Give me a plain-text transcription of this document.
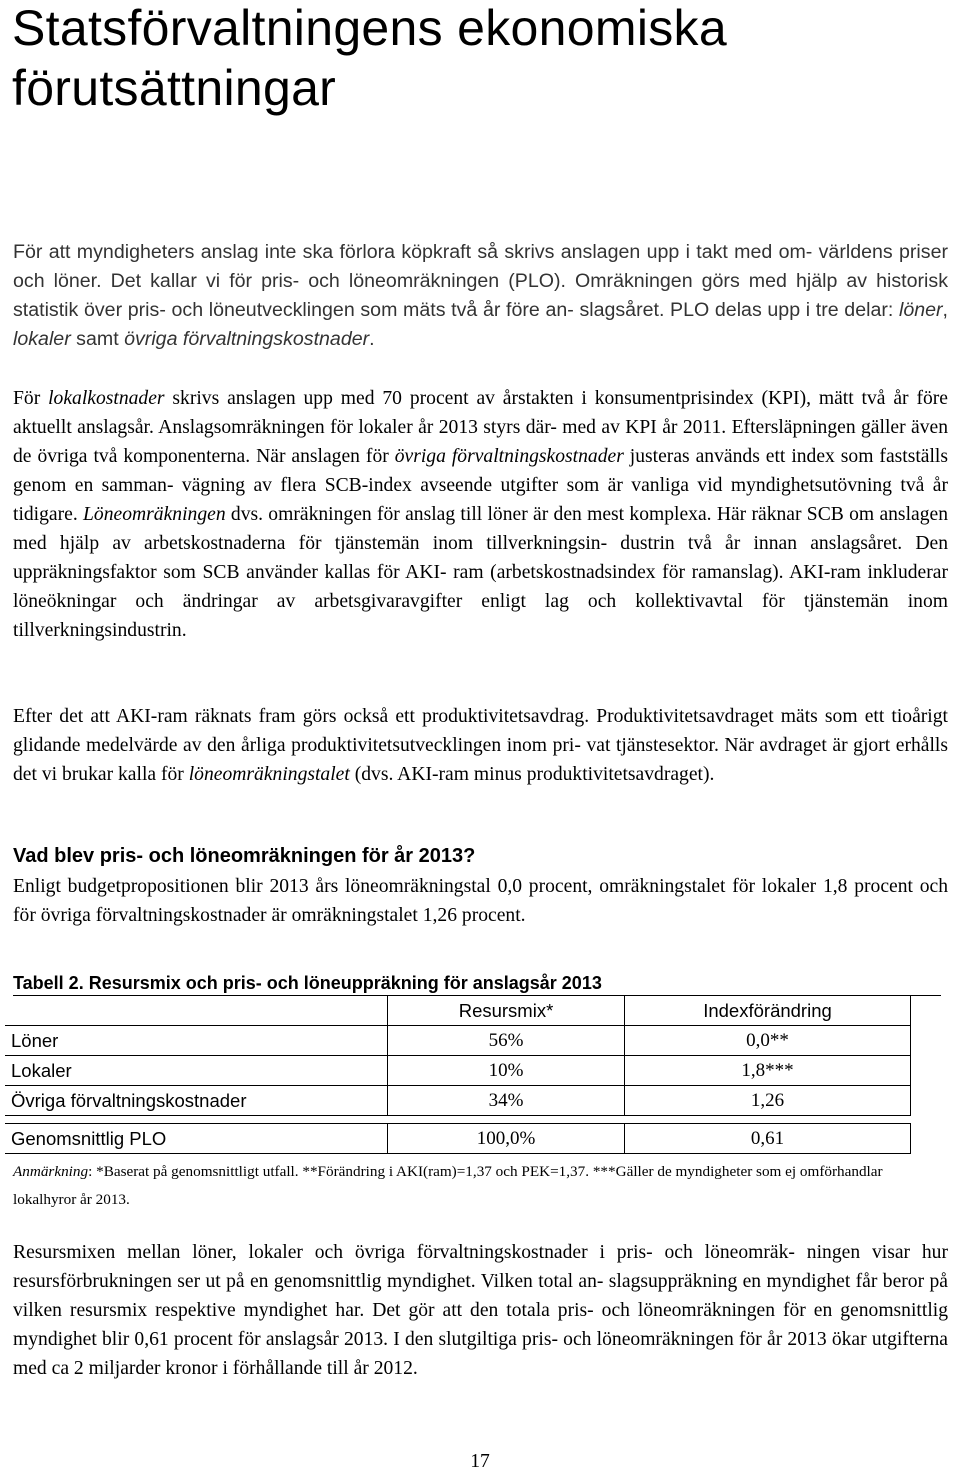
Statsförvaltningens ekonomiska
förutsättningar

För att myndigheters anslag inte ska förlora köpkraft så skrivs anslagen upp i takt med om- världens priser och löner. Det kallar vi för pris- och löneomräkningen (PLO). Omräkningen görs med hjälp av historisk statistik över pris- och löneutvecklingen som mäts två år före an- slagsåret. PLO delas upp i tre delar: löner, lokaler samt övriga förvaltningskostnader.

För lokalkostnader skrivs anslagen upp med 70 procent av årstakten i konsumentprisindex (KPI), mätt två år före aktuellt anslagsår. Anslagsomräkningen för lokaler år 2013 styrs där- med av KPI år 2011. Eftersläpningen gäller även de övriga två komponenterna. När anslagen för övriga förvaltningskostnader justeras används ett index som fastställs genom en samman- vägning av flera SCB-index avseende utgifter som är vanliga vid myndighetsutövning två år tidigare. Löneomräkningen dvs. omräkningen för anslag till löner är den mest komplexa. Här räknar SCB om anslagen med hjälp av arbetskostnaderna för tjänstemän inom tillverkningsin- dustrin två år innan anslagsåret. Den uppräkningsfaktor som SCB använder kallas för AKI- ram (arbetskostnadsindex för ramanslag). AKI-ram inkluderar löneökningar och ändringar av arbetsgivaravgifter enligt lag och kollektivavtal för tjänstemän inom tillverkningsindustrin.

Efter det att AKI-ram räknats fram görs också ett produktivitetsavdrag. Produktivitetsavdraget mäts som ett tioårigt glidande medelvärde av den årliga produktivitetsutvecklingen inom pri- vat tjänstesektor. När avdraget är gjort erhålls det vi brukar kalla för löneomräkningstalet (dvs. AKI-ram minus produktivitetsavdraget).

Vad blev pris- och löneomräkningen för år 2013?

Enligt budgetpropositionen blir 2013 års löneomräkningstal 0,0 procent, omräkningstalet för lokaler 1,8 procent och för övriga förvaltningskostnader är omräkningstalet 1,26 procent.

Tabell 2. Resursmix och pris- och löneuppräkning för anslagsår 2013
	Resursmix*	Indexförändring
Löner	56%	0,0**
Lokaler	10%	1,8***
Övriga förvaltningskostnader	34%	1,26

Genomsnittlig PLO	100,0%	0,61

Anmärkning: *Baserat på genomsnittligt utfall. **Förändring i AKI(ram)=1,37 och PEK=1,37. ***Gäller de myndigheter som ej omförhandlar lokalhyror år 2013.

Resursmixen mellan löner, lokaler och övriga förvaltningskostnader i pris- och löneomräk- ningen visar hur resursförbrukningen ser ut på en genomsnittlig myndighet. Vilken total an- slagsuppräkning en myndighet får beror på vilken resursmix respektive myndighet har. Det gör att den totala pris- och löneomräkningen för en genomsnittlig myndighet blir 0,61 procent för anslagsår 2013. I den slutgiltiga pris- och löneomräkningen för år 2013 ökar utgifterna med ca 2 miljarder kronor i förhållande till år 2012.

17
